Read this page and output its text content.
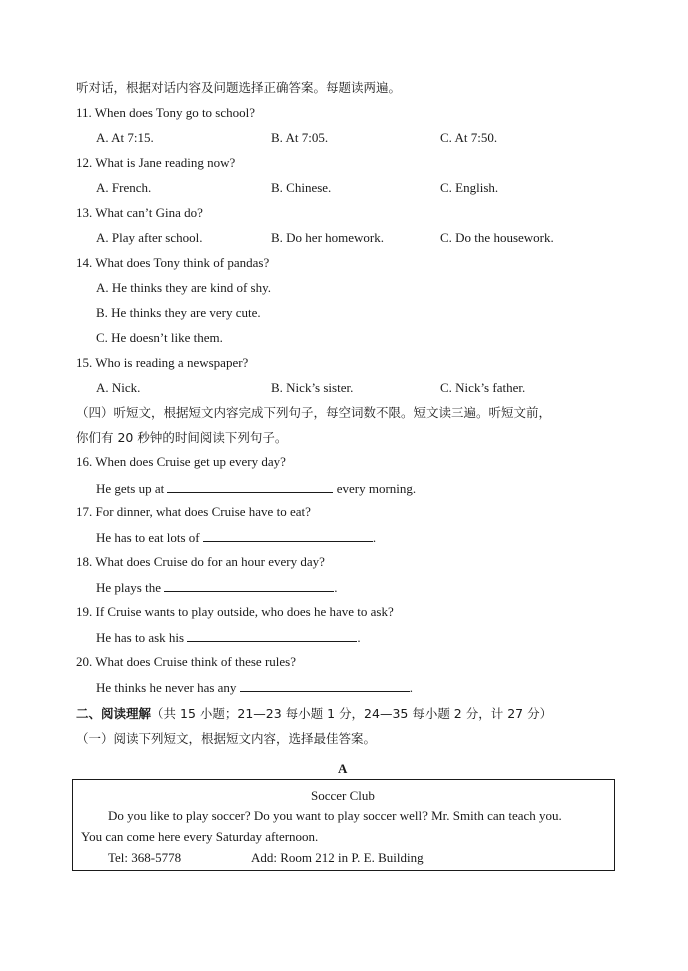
听对话，根据对话内容及问题选择正确答案。每题读两遍。
11. When does Tony go to school?
A. At 7:15.	B. At 7:05.	C. At 7:50.
12. What is Jane reading now?
A. French.	B. Chinese.	C. English.
13. What can’t Gina do?
A. Play after school.	B. Do her homework.	C. Do the housework.
14. What does Tony think of pandas?
A. He thinks they are kind of shy.
B. He thinks they are very cute.
C. He doesn’t like them.
15. Who is reading a newspaper?
A. Nick.	B. Nick’s sister.	C. Nick’s father.
（四）听短文，根据短文内容完成下列句子，每空词数不限。短文读三遍。听短文前，
你们有 20 秒钟的时间阅读下列句子。
16. When does Cruise get up every day?
He gets up at	every morning.
17. For dinner, what does Cruise have to eat?
He has to eat lots of	.
18. What does Cruise do for an hour every day?
He plays the	.
19. If Cruise wants to play outside, who does he have to ask?
He has to ask his	.
20. What does Cruise think of these rules?
He thinks he never has any	.
二、阅读理解（共 15 小题；21—23 每小题 1 分，24—35 每小题 2 分，计 27 分）
（一）阅读下列短文，根据短文内容，选择最佳答案。
A
Soccer Club
Do you like to play soccer? Do you want to play soccer well? Mr. Smith can teach you.
You can come here every Saturday afternoon.
Tel: 368-5778	Add: Room 212 in P. E. Building
